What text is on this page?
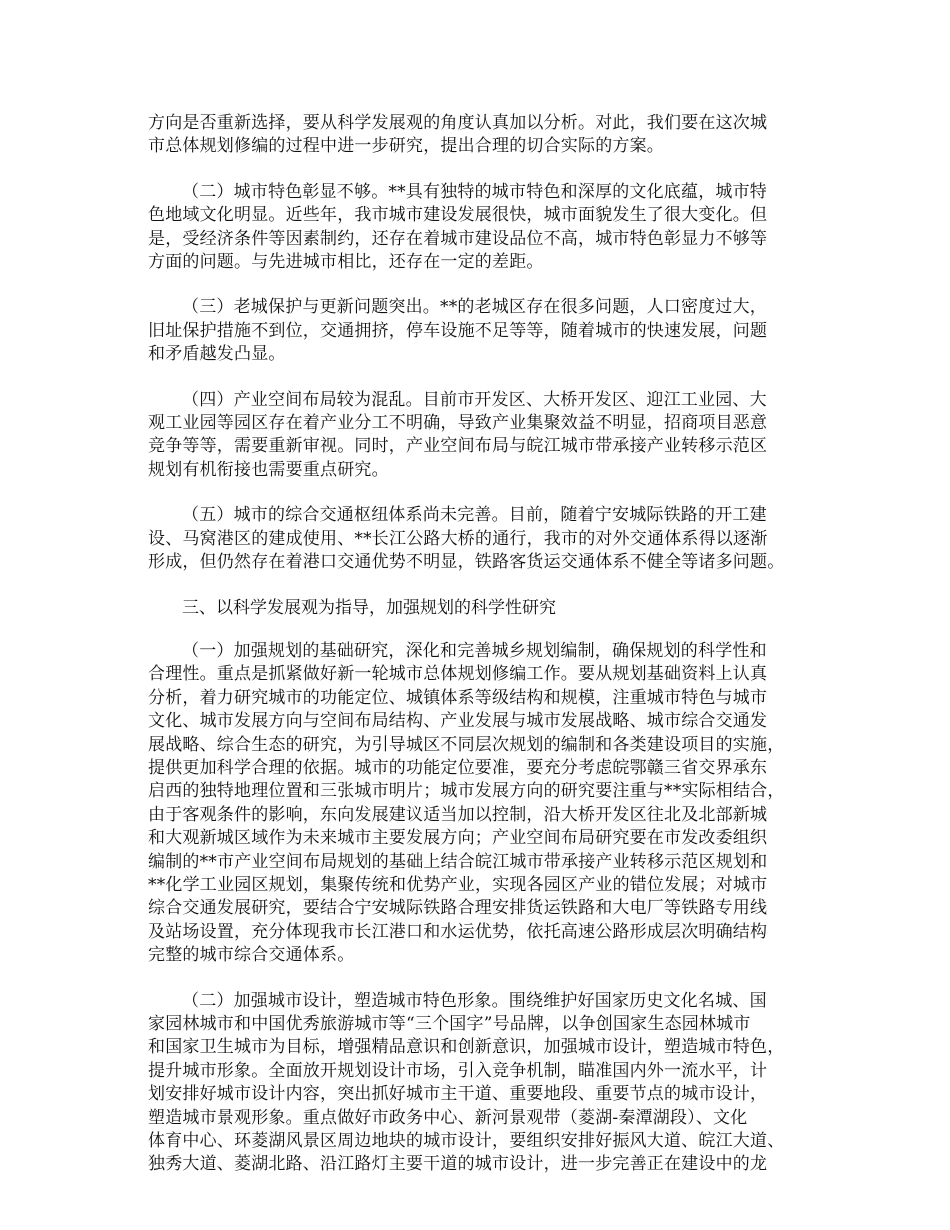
方向是否重新选择，要从科学发展观的角度认真加以分析。对此，我们要在这次城
市总体规划修编的过程中进一步研究，提出合理的切合实际的方案。
（二）城市特色彰显不够。**具有独特的城市特色和深厚的文化底蕴，城市特
色地域文化明显。近些年，我市城市建设发展很快，城市面貌发生了很大变化。但
是，受经济条件等因素制约，还存在着城市建设品位不高，城市特色彰显力不够等
方面的问题。与先进城市相比，还存在一定的差距。
（三）老城保护与更新问题突出。**的老城区存在很多问题，人口密度过大，
旧址保护措施不到位，交通拥挤，停车设施不足等等，随着城市的快速发展，问题
和矛盾越发凸显。
（四）产业空间布局较为混乱。目前市开发区、大桥开发区、迎江工业园、大
观工业园等园区存在着产业分工不明确，导致产业集聚效益不明显，招商项目恶意
竞争等等，需要重新审视。同时，产业空间布局与皖江城市带承接产业转移示范区
规划有机衔接也需要重点研究。
（五）城市的综合交通枢纽体系尚未完善。目前，随着宁安城际铁路的开工建
设、马窝港区的建成使用、**长江公路大桥的通行，我市的对外交通体系得以逐渐
形成，但仍然存在着港口交通优势不明显，铁路客货运交通体系不健全等诸多问题。
三、以科学发展观为指导，加强规划的科学性研究
（一）加强规划的基础研究，深化和完善城乡规划编制，确保规划的科学性和
合理性。重点是抓紧做好新一轮城市总体规划修编工作。要从规划基础资料上认真
分析，着力研究城市的功能定位、城镇体系等级结构和规模，注重城市特色与城市
文化、城市发展方向与空间布局结构、产业发展与城市发展战略、城市综合交通发
展战略、综合生态的研究，为引导城区不同层次规划的编制和各类建设项目的实施，
提供更加科学合理的依据。城市的功能定位要准，要充分考虑皖鄂赣三省交界承东
启西的独特地理位置和三张城市明片；城市发展方向的研究要注重与**实际相结合，
由于客观条件的影响，东向发展建议适当加以控制，沿大桥开发区往北及北部新城
和大观新城区域作为未来城市主要发展方向；产业空间布局研究要在市发改委组织
编制的**市产业空间布局规划的基础上结合皖江城市带承接产业转移示范区规划和
**化学工业园区规划，集聚传统和优势产业，实现各园区产业的错位发展；对城市
综合交通发展研究，要结合宁安城际铁路合理安排货运铁路和大电厂等铁路专用线
及站场设置，充分体现我市长江港口和水运优势，依托高速公路形成层次明确结构
完整的城市综合交通体系。
（二）加强城市设计，塑造城市特色形象。围绕维护好国家历史文化名城、国
家园林城市和中国优秀旅游城市等“三个国字”号品牌，以争创国家生态园林城市
和国家卫生城市为目标，增强精品意识和创新意识，加强城市设计，塑造城市特色，
提升城市形象。全面放开规划设计市场，引入竞争机制，瞄准国内外一流水平，计
划安排好城市设计内容，突出抓好城市主干道、重要地段、重要节点的城市设计，
塑造城市景观形象。重点做好市政务中心、新河景观带（菱湖-秦潭湖段）、文化
体育中心、环菱湖风景区周边地块的城市设计，要组织安排好振风大道、皖江大道、
独秀大道、菱湖北路、沿江路灯主要干道的城市设计，进一步完善正在建设中的龙
